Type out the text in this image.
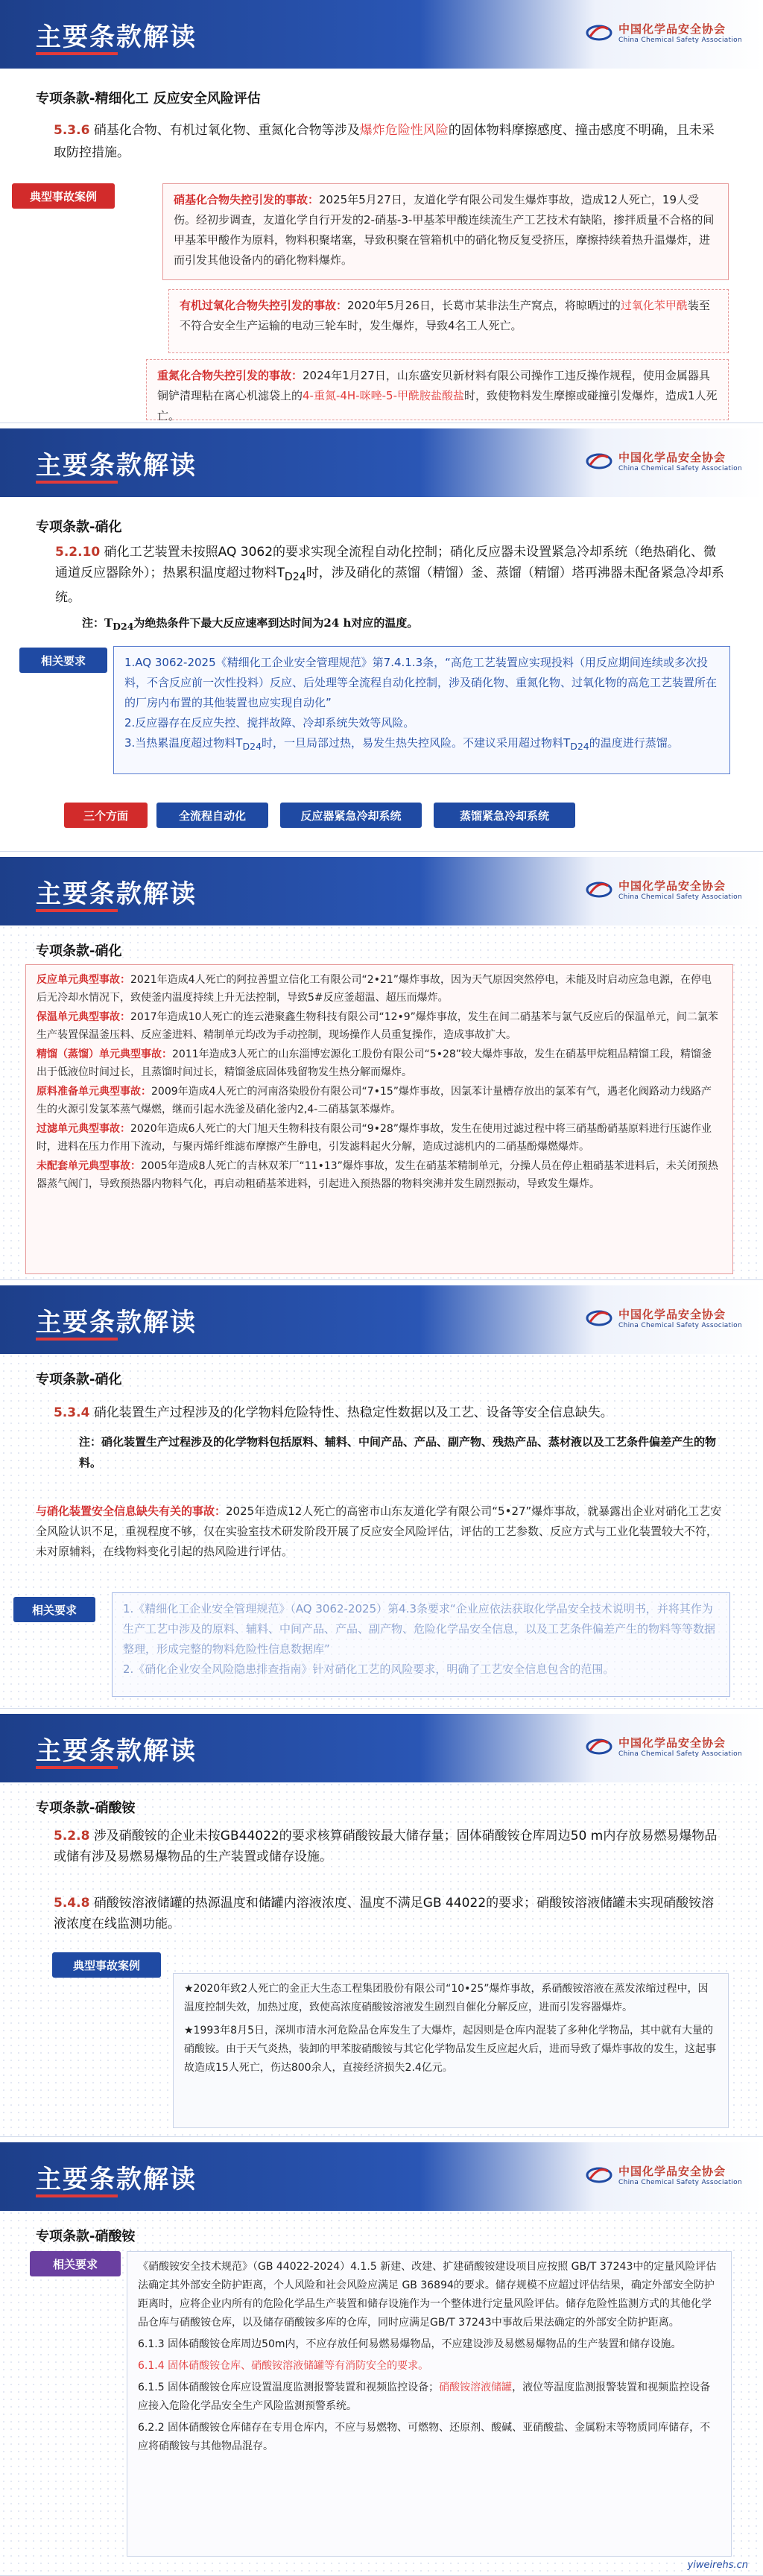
主要条款解读	中国化学品安全协会
China Chemical Safety Association
专项条款-精细化工 反应安全风险评估
5.3.6 硝基化合物、有机过氧化物、重氮化合物等涉及爆炸危险性风险的固体物料摩擦感度、撞击感度不明确，且未采取防控措施。
典型事故案例	硝基化合物失控引发的事故：2025年5月27日，友道化学有限公司发生爆炸事故，造成12人死亡，19人受伤。经初步调查，友道化学自行开发的2-硝基-3-甲基苯甲酸连续流生产工艺技术有缺陷，掺拌质量不合格的间甲基苯甲酸作为原料，物料积聚堵塞，导致积聚在管箱机中的硝化物反复受挤压，摩擦持续着热升温爆炸，进而引发其他设备内的硝化物料爆炸。
有机过氧化合物失控引发的事故：2020年5月26日，长葛市某非法生产窝点，将晾晒过的过氧化苯甲酰装至不符合安全生产运输的电动三轮车时，发生爆炸，导致4名工人死亡。
重氮化合物失控引发的事故：2024年1月27日，山东盛安贝新材料有限公司操作工违反操作规程，使用金属器具铜铲清理粘在离心机滤袋上的4-重氮-4H-咪唑-5-甲酰胺盐酸盐时，致使物料发生摩擦或碰撞引发爆炸，造成1人死亡。
主要条款解读	中国化学品安全协会
China Chemical Safety Association
专项条款-硝化
5.2.10 硝化工艺装置未按照AQ 3062的要求实现全流程自动化控制；硝化反应器未设置紧急冷却系统（绝热硝化、微通道反应器除外）；热累积温度超过物料$T_{D24}$时，涉及硝化的蒸馏（精馏）釜、蒸馏（精馏）塔再沸器未配备紧急冷却系统。
注：$T_{D24}$为绝热条件下最大反应速率到达时间为24 h对应的温度。
相关要求	1.AQ 3062-2025《精细化工企业安全管理规范》第7.4.1.3条，“高危工艺装置应实现投料（用反应期间连续或多次投料，不含反应前一次性投料）反应、后处理等全流程自动化控制，涉及硝化物、重氮化物、过氧化物的高危工艺装置所在的厂房内布置的其他装置也应实现自动化”
2.反应器存在反应失控、搅拌故障、冷却系统失效等风险。
3.当热累温度超过物料$T_{D24}$时，一旦局部过热，易发生热失控风险。不建议采用超过物料$T_{D24}$的温度进行蒸馏。
三个方面	全流程自动化	反应器紧急冷却系统	蒸馏紧急冷却系统
主要条款解读	中国化学品安全协会
China Chemical Safety Association
专项条款-硝化
反应单元典型事故：2021年造成4人死亡的阿拉善盟立信化工有限公司“2•21”爆炸事故，因为天气原因突然停电，未能及时启动应急电源，在停电后无冷却水情况下，致使釜内温度持续上升无法控制，导致5#反应釜超温、超压而爆炸。
保温单元典型事故：2017年造成10人死亡的连云港聚鑫生物科技有限公司“12•9”爆炸事故，发生在间二硝基苯与氯气反应后的保温单元，间二氯苯生产装置保温釜压料、反应釜进料、精制单元均改为手动控制，现场操作人员重复操作，造成事故扩大。
精馏（蒸馏）单元典型事故：2011年造成3人死亡的山东淄博宏源化工股份有限公司“5•28”较大爆炸事故，发生在硝基甲烷粗品精馏工段，精馏釜出于低液位时间过长，且蒸馏时间过长，精馏釜底固体残留物发生热分解而爆炸。
原料准备单元典型事故：2009年造成4人死亡的河南洛染股份有限公司“7•15”爆炸事故，因氯苯计量槽存放出的氯苯有气，遇老化阀路动力线路产生的火源引发氯苯蒸气爆燃，继而引起水洗釜及硝化釜内2,4-二硝基氯苯爆炸。
过滤单元典型事故：2020年造成6人死亡的大门旭天生物科技有限公司“9•28”爆炸事故，发生在使用过滤过程中将三硝基酚硝基原料进行压滤作业时，进料在压力作用下流动，与聚丙烯纤维滤布摩擦产生静电，引发滤料起火分解，造成过滤机内的二硝基酚爆燃爆炸。
未配套单元典型事故：2005年造成8人死亡的吉林双苯厂“11•13”爆炸事故，发生在硝基苯精制单元，分操人员在停止粗硝基苯进料后，未关闭预热器蒸气阀门，导致预热器内物料气化，再启动粗硝基苯进料，引起进入预热器的物料突沸并发生剧烈振动，导致发生爆炸。
主要条款解读	中国化学品安全协会
China Chemical Safety Association
专项条款-硝化
5.3.4 硝化装置生产过程涉及的化学物料危险特性、热稳定性数据以及工艺、设备等安全信息缺失。
注：硝化装置生产过程涉及的化学物料包括原料、辅料、中间产品、产品、副产物、残热产品、蒸材液以及工艺条件偏差产生的物料。
与硝化装置安全信息缺失有关的事故：2025年造成12人死亡的高密市山东友道化学有限公司“5•27”爆炸事故，就暴露出企业对硝化工艺安全风险认识不足，重视程度不够，仅在实验室技术研发阶段开展了反应安全风险评估，评估的工艺参数、反应方式与工业化装置较大不符，未对原辅料，在线物料变化引起的热风险进行评估。
相关要求	1.《精细化工企业安全管理规范》（AQ 3062-2025）第4.3条要求“企业应依法获取化学品安全技术说明书，并将其作为生产工艺中涉及的原料、辅料、中间产品、产品、副产物、危险化学品安全信息，以及工艺条件偏差产生的物料等等数据整理，形成完整的物料危险性信息数据库”
2.《硝化企业安全风险隐患排查指南》针对硝化工艺的风险要求，明确了工艺安全信息包含的范围。
主要条款解读	中国化学品安全协会
China Chemical Safety Association
专项条款-硝酸铵
5.2.8 涉及硝酸铵的企业未按GB44022的要求核算硝酸铵最大储存量；固体硝酸铵仓库周边50 m内存放易燃易爆物品或储有涉及易燃易爆物品的生产装置或储存设施。
5.4.8 硝酸铵溶液储罐的热源温度和储罐内溶液浓度、温度不满足GB 44022的要求；硝酸铵溶液储罐未实现硝酸铵溶液浓度在线监测功能。
典型事故案例
★2020年致2人死亡的金正大生态工程集团股份有限公司“10•25”爆炸事故，系硝酸铵溶液在蒸发浓缩过程中，因温度控制失效，加热过度，致使高浓度硝酸铵溶液发生剧烈自催化分解反应，进而引发容器爆炸。
★1993年8月5日，深圳市清水河危险品仓库发生了大爆炸，起因则是仓库内混装了多种化学物品，其中就有大量的硝酸铵。由于天气炎热，装卸的甲苯胺硝酸铵与其它化学物品发生反应起火后，进而导致了爆炸事故的发生，这起事故造成15人死亡，伤达800余人，直接经济损失2.4亿元。
主要条款解读	中国化学品安全协会
China Chemical Safety Association
专项条款-硝酸铵
相关要求	《硝酸铵安全技术规范》（GB 44022-2024）4.1.5 新建、改建、扩建硝酸铵建设项目应按照 GB/T 37243中的定量风险评估法确定其外部安全防护距离，个人风险和社会风险应满足 GB 36894的要求。储存规模不应超过评估结果，确定外部安全防护距离时，应将企业内所有的危险化学品生产装置和储存设施作为一个整体进行定量风险评估。储存危险性监测方式的其他化学品仓库与硝酸铵仓库，以及储存硝酸铵多库的仓库，同时应满足GB/T 37243中事故后果法确定的外部安全防护距离。
6.1.3 固体硝酸铵仓库周边50m内，不应存放任何易燃易爆物品，不应建设涉及易燃易爆物品的生产装置和储存设施。
6.1.4 固体硝酸铵仓库、硝酸铵溶液储罐等有消防安全的要求。
6.1.5 固体硝酸铵仓库应设置温度监测报警装置和视频监控设备；硝酸铵溶液储罐，液位等温度监测报警装置和视频监控设备应接入危险化学品安全生产风险监测预警系统。
6.2.2 固体硝酸铵仓库储存在专用仓库内，不应与易燃物、可燃物、还原剂、酸碱、亚硝酸盐、金属粉末等物质同库储存，不应将硝酸铵与其他物品混存。
yiweirehs.cn
